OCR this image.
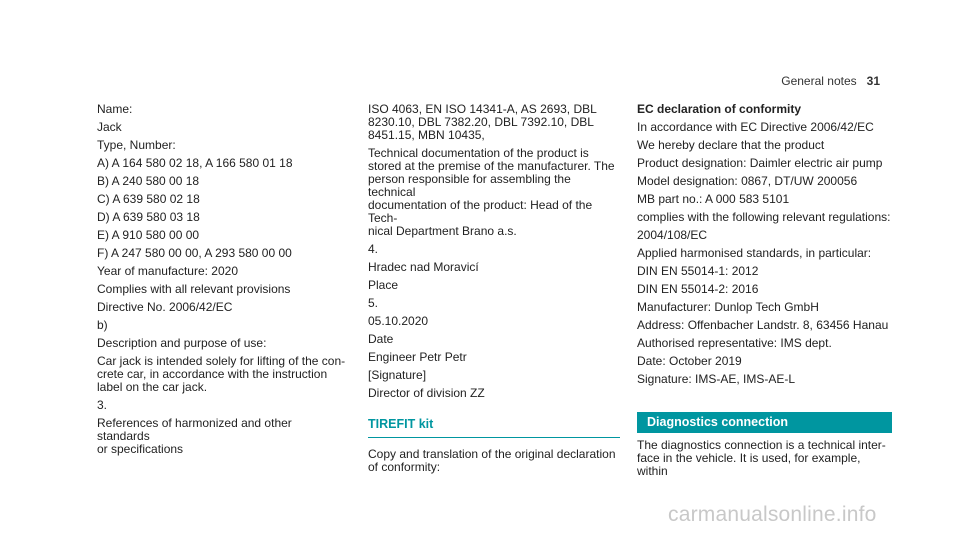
General notes 31

Name:

Jack

Type, Number:

A) A 164 580 02 18, A 166 580 01 18

B) A 240 580 00 18

C) A 639 580 02 18

D) A 639 580 03 18

E) A 910 580 00 00

F) A 247 580 00 00, A 293 580 00 00

Year of manufacture: 2020

Complies with all relevant provisions

Directive No. 2006/42/EC

b)

Description and purpose of use:

Car jack is intended solely for lifting of the con-
crete car, in accordance with the instruction
label on the car jack.

3.

References of harmonized and other standards
or specifications

ISO 4063, EN ISO 14341-A, AS 2693, DBL
8230.10, DBL 7382.20, DBL 7392.10, DBL
8451.15, MBN 10435,

Technical documentation of the product is
stored at the premise of the manufacturer. The
person responsible for assembling the technical
documentation of the product: Head of the Tech-
nical Department Brano a.s.

4.

Hradec nad Moravicí

Place

5.

05.10.2020

Date

Engineer Petr Petr

[Signature]

Director of division ZZ

TIREFIT kit

Copy and translation of the original declaration
of conformity:

EC declaration of conformity

In accordance with EC Directive 2006/42/EC

We hereby declare that the product

Product designation: Daimler electric air pump

Model designation: 0867, DT/UW 200056

MB part no.: A 000 583 5101

complies with the following relevant regulations:

2004/108/EC

Applied harmonised standards, in particular:

DIN EN 55014-1: 2012

DIN EN 55014-2: 2016

Manufacturer: Dunlop Tech GmbH

Address: Offenbacher Landstr. 8, 63456 Hanau

Authorised representative: IMS dept.

Date: October 2019

Signature: IMS-AE, IMS-AE-L

Diagnostics connection

The diagnostics connection is a technical inter-
face in the vehicle. It is used, for example, within

carmanualsonline.info
